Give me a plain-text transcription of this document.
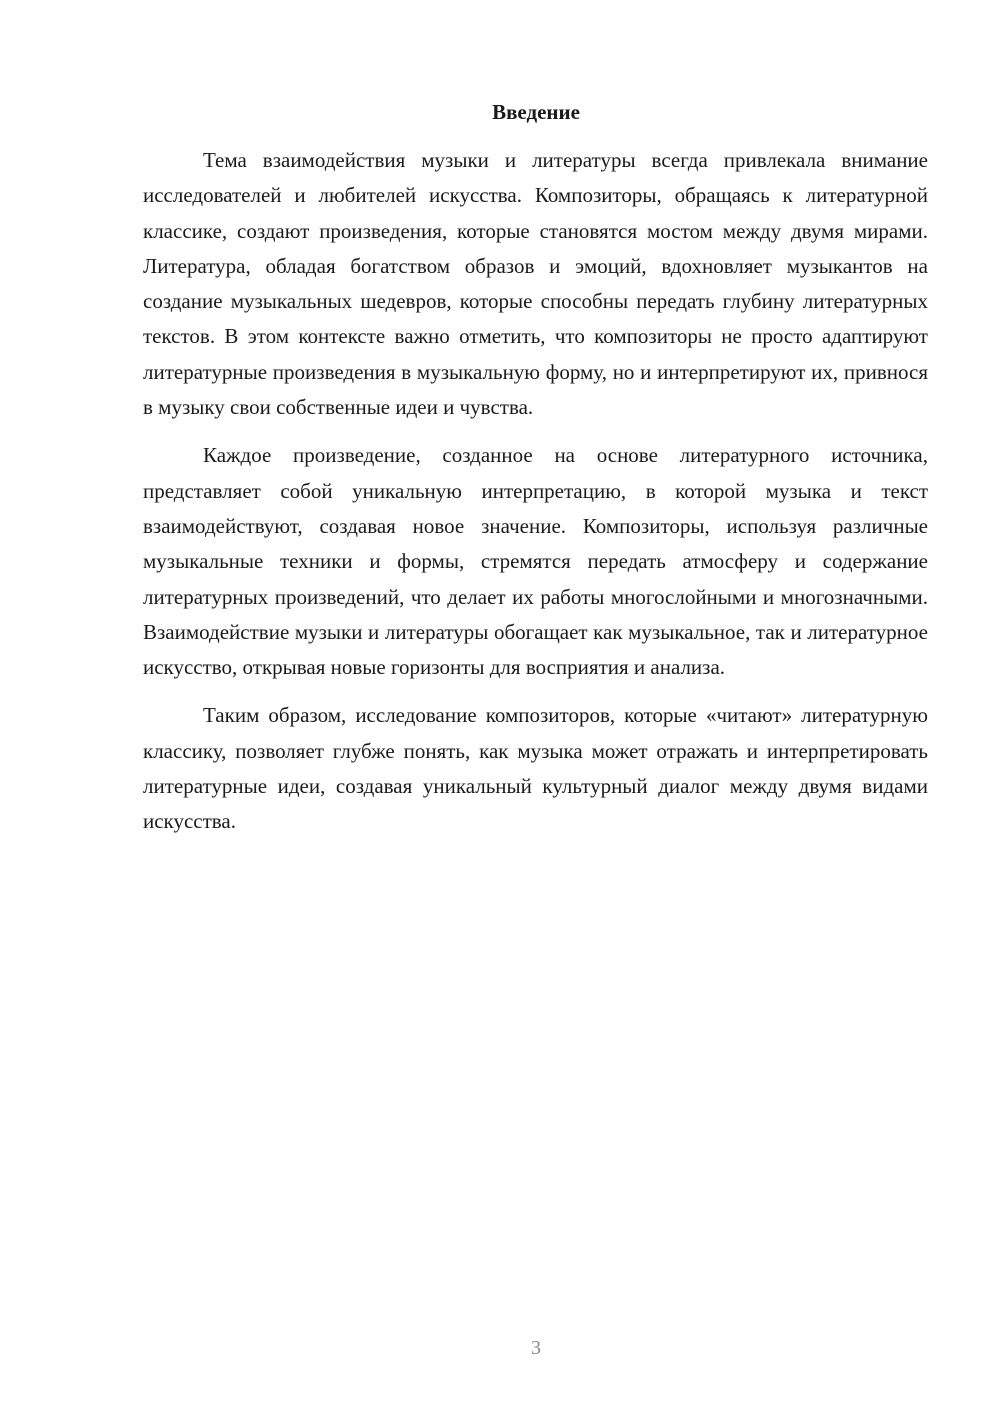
Введение

Тема взаимодействия музыки и литературы всегда привлекала внимание исследователей и любителей искусства. Композиторы, обращаясь к литературной классике, создают произведения, которые становятся мостом между двумя мирами. Литература, обладая богатством образов и эмоций, вдохновляет музыкантов на создание музыкальных шедевров, которые способны передать глубину литературных текстов. В этом контексте важно отметить, что композиторы не просто адаптируют литературные произведения в музыкальную форму, но и интерпретируют их, привнося в музыку свои собственные идеи и чувства.

Каждое произведение, созданное на основе литературного источника, представляет собой уникальную интерпретацию, в которой музыка и текст взаимодействуют, создавая новое значение. Композиторы, используя различные музыкальные техники и формы, стремятся передать атмосферу и содержание литературных произведений, что делает их работы многослойными и многозначными. Взаимодействие музыки и литературы обогащает как музыкальное, так и литературное искусство, открывая новые горизонты для восприятия и анализа.

Таким образом, исследование композиторов, которые «читают» литературную классику, позволяет глубже понять, как музыка может отражать и интерпретировать литературные идеи, создавая уникальный культурный диалог между двумя видами искусства.

3
